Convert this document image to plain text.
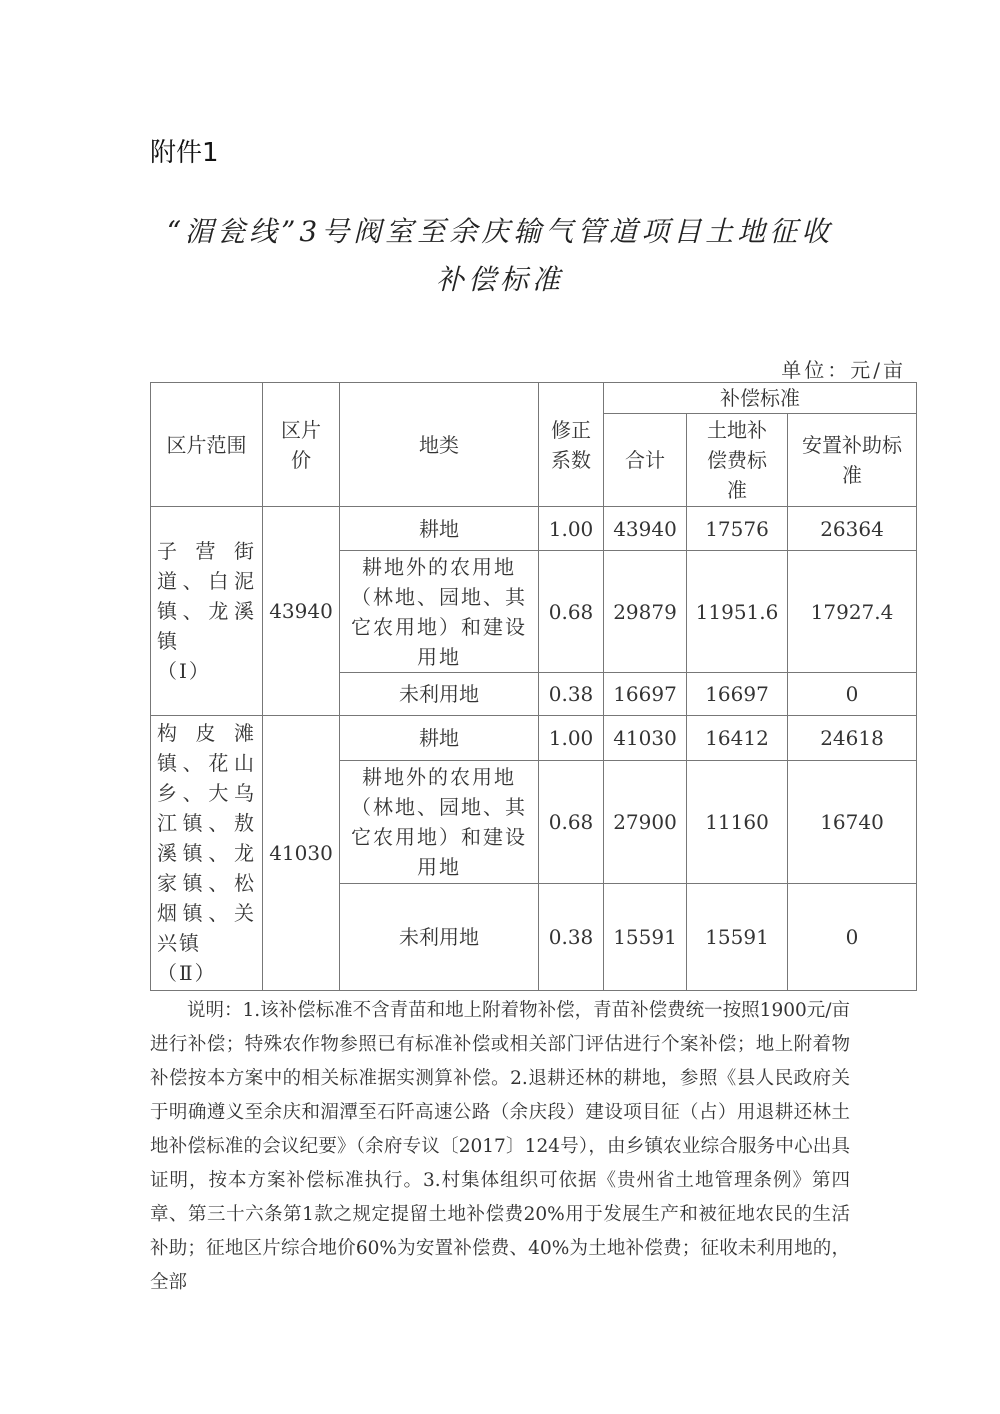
附件1
“湄瓮线”3号阀室至余庆输气管道项目土地征收
补偿标准
单位：元/亩
区片范围	区片价	地类	修正系数	补偿标准		
				合计	土地补偿费标准	安置补助标准
子营街道、白泥镇、龙溪镇
（Ⅰ）	43940	耕地	1.00	43940	17576	26364
		耕地外的农用地（林地、园地、其它农用地）和建设用地	0.68	29879	11951.6	17927.4
		未利用地	0.38	16697	16697	0
构皮滩镇、花山乡、大乌江镇、敖溪镇、龙家镇、松烟镇、关兴镇
（Ⅱ）	41030	耕地	1.00	41030	16412	24618
		耕地外的农用地（林地、园地、其它农用地）和建设用地	0.68	27900	11160	16740
		未利用地	0.38	15591	15591	0
说明：1.该补偿标准不含青苗和地上附着物补偿，青苗补偿费统一按照1900元/亩进行补偿；特殊农作物参照已有标准补偿或相关部门评估进行个案补偿；地上附着物补偿按本方案中的相关标准据实测算补偿。2.退耕还林的耕地，参照《县人民政府关于明确遵义至余庆和湄潭至石阡高速公路（余庆段）建设项目征（占）用退耕还林土地补偿标准的会议纪要》（余府专议〔2017〕124号），由乡镇农业综合服务中心出具证明，按本方案补偿标准执行。3.村集体组织可依据《贵州省土地管理条例》第四章、第三十六条第1款之规定提留土地补偿费20%用于发展生产和被征地农民的生活补助；征地区片综合地价60%为安置补偿费、40%为土地补偿费；征收未利用地的，全部
